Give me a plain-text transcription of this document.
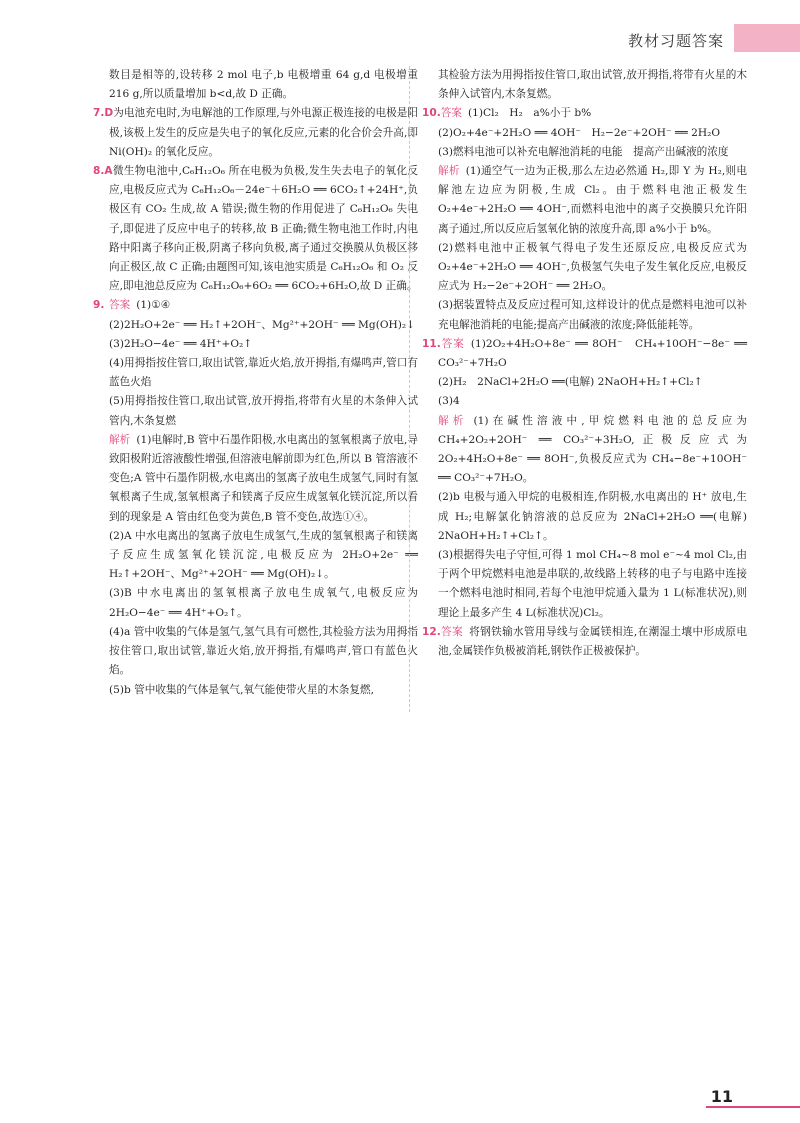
教材习题答案

数目是相等的,设转移 2 mol 电子,b 电极增重 64 g,d 电极增重 216 g,所以质量增加 b<d,故 D 正确。

7.D为电池充电时,为电解池的工作原理,与外电源正极连接的电极是阳极,该极上发生的反应是失电子的氧化反应,元素的化合价会升高,即 Ni(OH)₂ 的氧化反应。

8.A微生物电池中,C₆H₁₂O₆ 所在电极为负极,发生失去电子的氧化反应,电极反应式为 C₆H₁₂O₆－24e⁻＋6H₂O ══ 6CO₂↑+24H⁺,负极区有 CO₂ 生成,故 A 错误;微生物的作用促进了 C₆H₁₂O₆ 失电子,即促进了反应中电子的转移,故 B 正确;微生物电池工作时,内电路中阳离子移向正极,阴离子移向负极,离子通过交换膜从负极区移向正极区,故 C 正确;由题图可知,该电池实质是 C₆H₁₂O₆ 和 O₂ 反应,即电池总反应为 C₆H₁₂O₆+6O₂ ══ 6CO₂+6H₂O,故 D 正确。

9. 答案 (1)①④

(2)2H₂O+2e⁻ ══ H₂↑+2OH⁻、Mg²⁺+2OH⁻ ══ Mg(OH)₂↓

(3)2H₂O−4e⁻ ══ 4H⁺+O₂↑

(4)用拇指按住管口,取出试管,靠近火焰,放开拇指,有爆鸣声,管口有蓝色火焰

(5)用拇指按住管口,取出试管,放开拇指,将带有火星的木条伸入试管内,木条复燃

解析 (1)电解时,B 管中石墨作阳极,水电离出的氢氧根离子放电,导致阳极附近溶液酸性增强,但溶液电解前即为红色,所以 B 管溶液不变色;A 管中石墨作阴极,水电离出的氢离子放电生成氢气,同时有氢氧根离子生成,氢氧根离子和镁离子反应生成氢氧化镁沉淀,所以看到的现象是 A 管由红色变为黄色,B 管不变色,故选①④。

(2)A 中水电离出的氢离子放电生成氢气,生成的氢氧根离子和镁离子反应生成氢氧化镁沉淀,电极反应为 2H₂O+2e⁻ ══ H₂↑+2OH⁻、Mg²⁺+2OH⁻ ══ Mg(OH)₂↓。

(3)B 中水电离出的氢氧根离子放电生成氧气,电极反应为 2H₂O−4e⁻ ══ 4H⁺+O₂↑。

(4)a 管中收集的气体是氢气,氢气具有可燃性,其检验方法为用拇指按住管口,取出试管,靠近火焰,放开拇指,有爆鸣声,管口有蓝色火焰。

(5)b 管中收集的气体是氧气,氧气能使带火星的木条复燃,

其检验方法为用拇指按住管口,取出试管,放开拇指,将带有火星的木条伸入试管内,木条复燃。

10.答案 (1)Cl₂　H₂　a%小于 b%

(2)O₂+4e⁻+2H₂O ══ 4OH⁻　H₂−2e⁻+2OH⁻ ══ 2H₂O

(3)燃料电池可以补充电解池消耗的电能　提高产出碱液的浓度

解析 (1)通空气一边为正极,那么左边必然通 H₂,即 Y 为 H₂,则电解池左边应为阴极,生成 Cl₂。由于燃料电池正极发生 O₂+4e⁻+2H₂O ══ 4OH⁻,而燃料电池中的离子交换膜只允许阳离子通过,所以反应后氢氧化钠的浓度升高,即 a%小于 b%。

(2)燃料电池中正极氧气得电子发生还原反应,电极反应式为 O₂+4e⁻+2H₂O ══ 4OH⁻,负极氢气失电子发生氧化反应,电极反应式为 H₂−2e⁻+2OH⁻ ══ 2H₂O。

(3)据装置特点及反应过程可知,这样设计的优点是燃料电池可以补充电解池消耗的电能;提高产出碱液的浓度;降低能耗等。

11.答案 (1)2O₂+4H₂O+8e⁻ ══ 8OH⁻　CH₄+10OH⁻−8e⁻ ══ CO₃²⁻+7H₂O

(2)H₂　2NaCl+2H₂O ══(电解) 2NaOH+H₂↑+Cl₂↑

(3)4

解析 (1)在碱性溶液中,甲烷燃料电池的总反应为 CH₄+2O₂+2OH⁻ ══ CO₃²⁻+3H₂O,正极反应式为 2O₂+4H₂O+8e⁻ ══ 8OH⁻,负极反应式为 CH₄−8e⁻+10OH⁻ ══ CO₃²⁻+7H₂O。

(2)b 电极与通入甲烷的电极相连,作阴极,水电离出的 H⁺ 放电,生成 H₂;电解氯化钠溶液的总反应为 2NaCl+2H₂O ══(电解) 2NaOH+H₂↑+Cl₂↑。

(3)根据得失电子守恒,可得 1 mol CH₄~8 mol e⁻~4 mol Cl₂,由于两个甲烷燃料电池是串联的,故线路上转移的电子与电路中连接一个燃料电池时相同,若每个电池甲烷通入量为 1 L(标准状况),则理论上最多产生 4 L(标准状况)Cl₂。

12.答案 将钢铁输水管用导线与金属镁相连,在潮湿土壤中形成原电池,金属镁作负极被消耗,钢铁作正极被保护。

11
